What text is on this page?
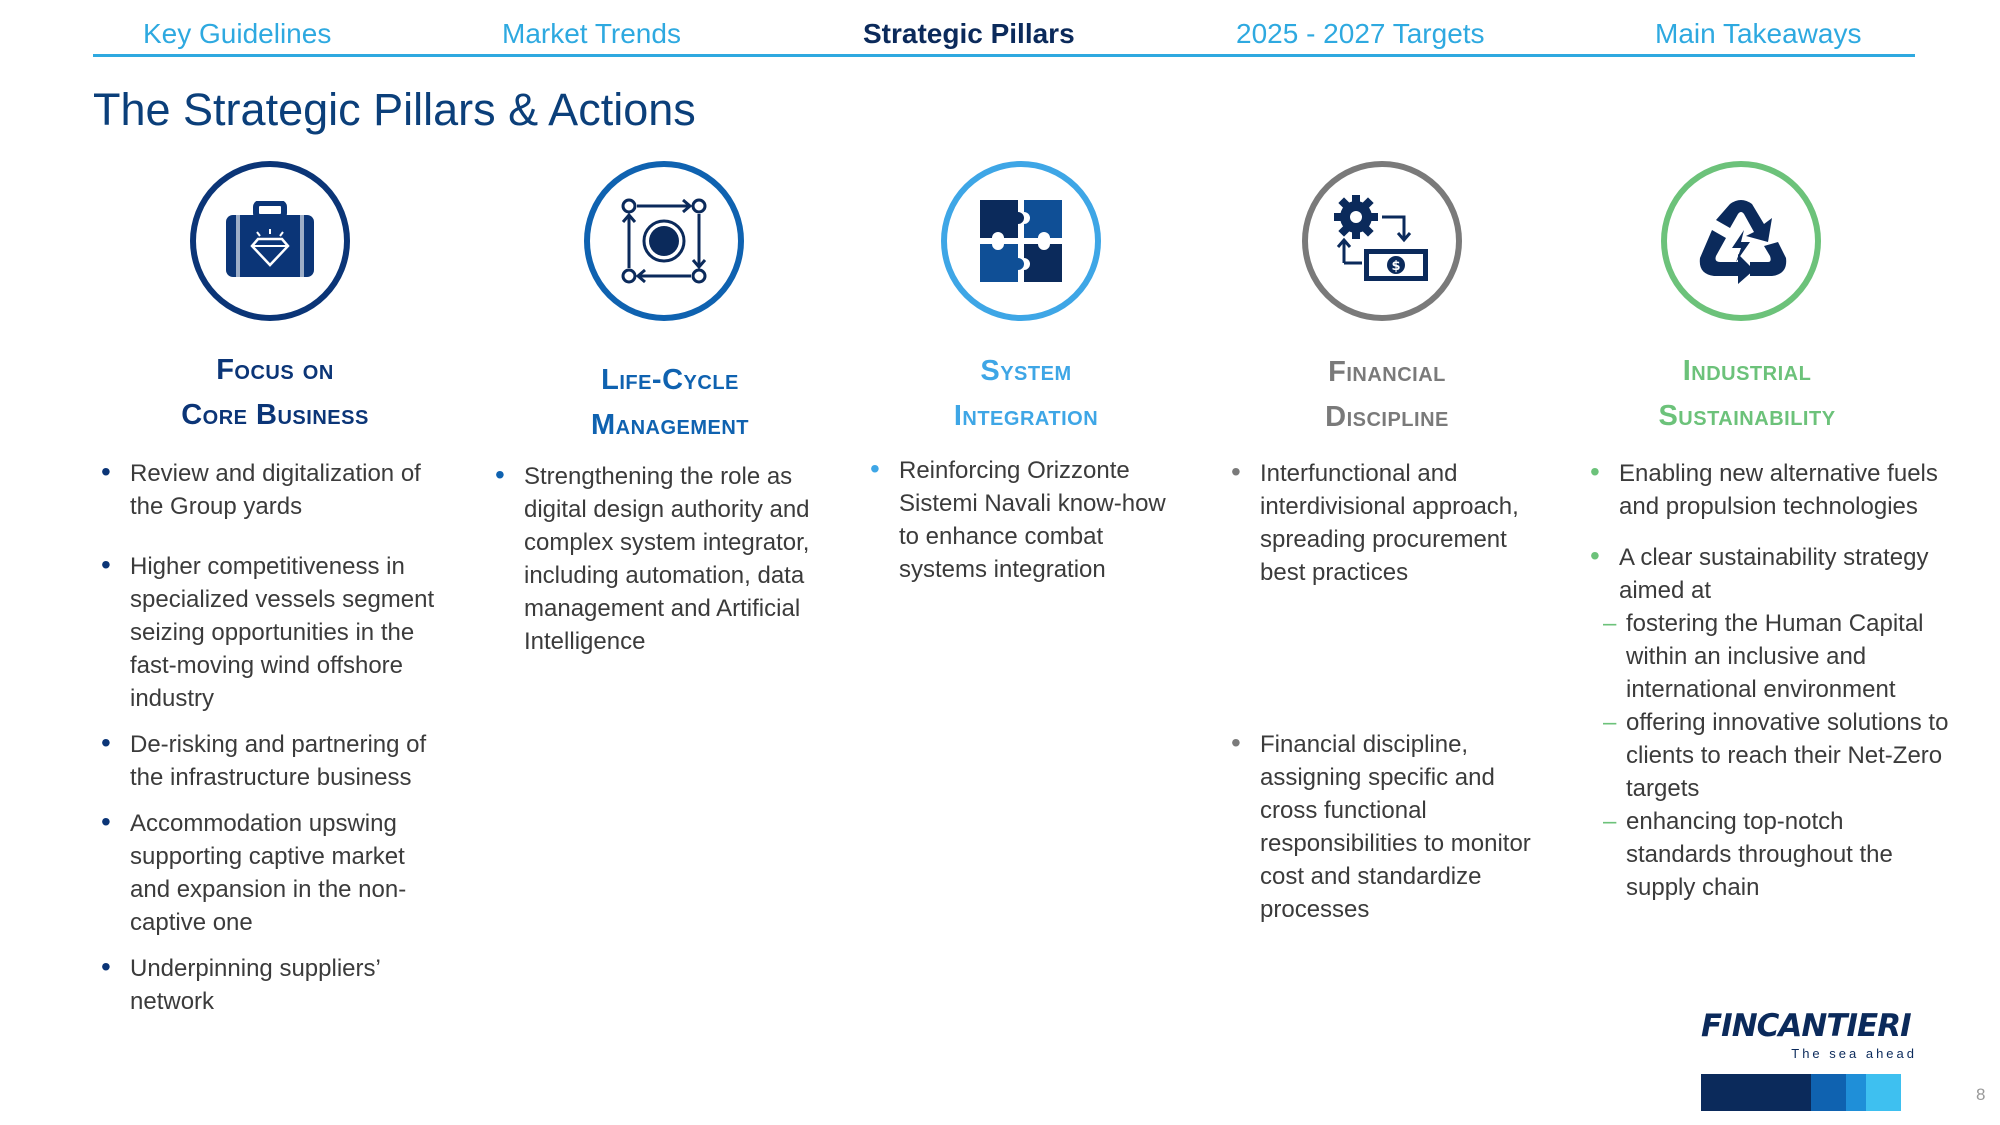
Key Guidelines	Market Trends	Strategic Pillars	2025 - 2027 Targets	Main Takeaways
The Strategic Pillars & Actions
Focus on
Core Business
• Review and digitalization of the Group yards
• Higher competitiveness in specialized vessels segment seizing opportunities in the fast-moving wind offshore industry
• De-risking and partnering of the infrastructure business
• Accommodation upswing supporting captive market and expansion in the non-captive one
• Underpinning suppliers’ network
Life-Cycle
Management
• Strengthening the role as digital design authority and complex system integrator, including automation, data management and Artificial Intelligence
System
Integration
• Reinforcing Orizzonte Sistemi Navali know-how to enhance combat systems integration
$
Financial
Discipline
• Interfunctional and interdivisional approach, spreading procurement best practices
• Financial discipline, assigning specific and cross functional responsibilities to monitor cost and standardize processes
Industrial
Sustainability
• Enabling new alternative fuels and propulsion technologies
• A clear sustainability strategy aimed at
– fostering the Human Capital within an inclusive and international environment
– offering innovative solutions to clients to reach their Net-Zero targets
– enhancing top-notch standards throughout the supply chain
FINCANTIERI
The sea ahead
8
